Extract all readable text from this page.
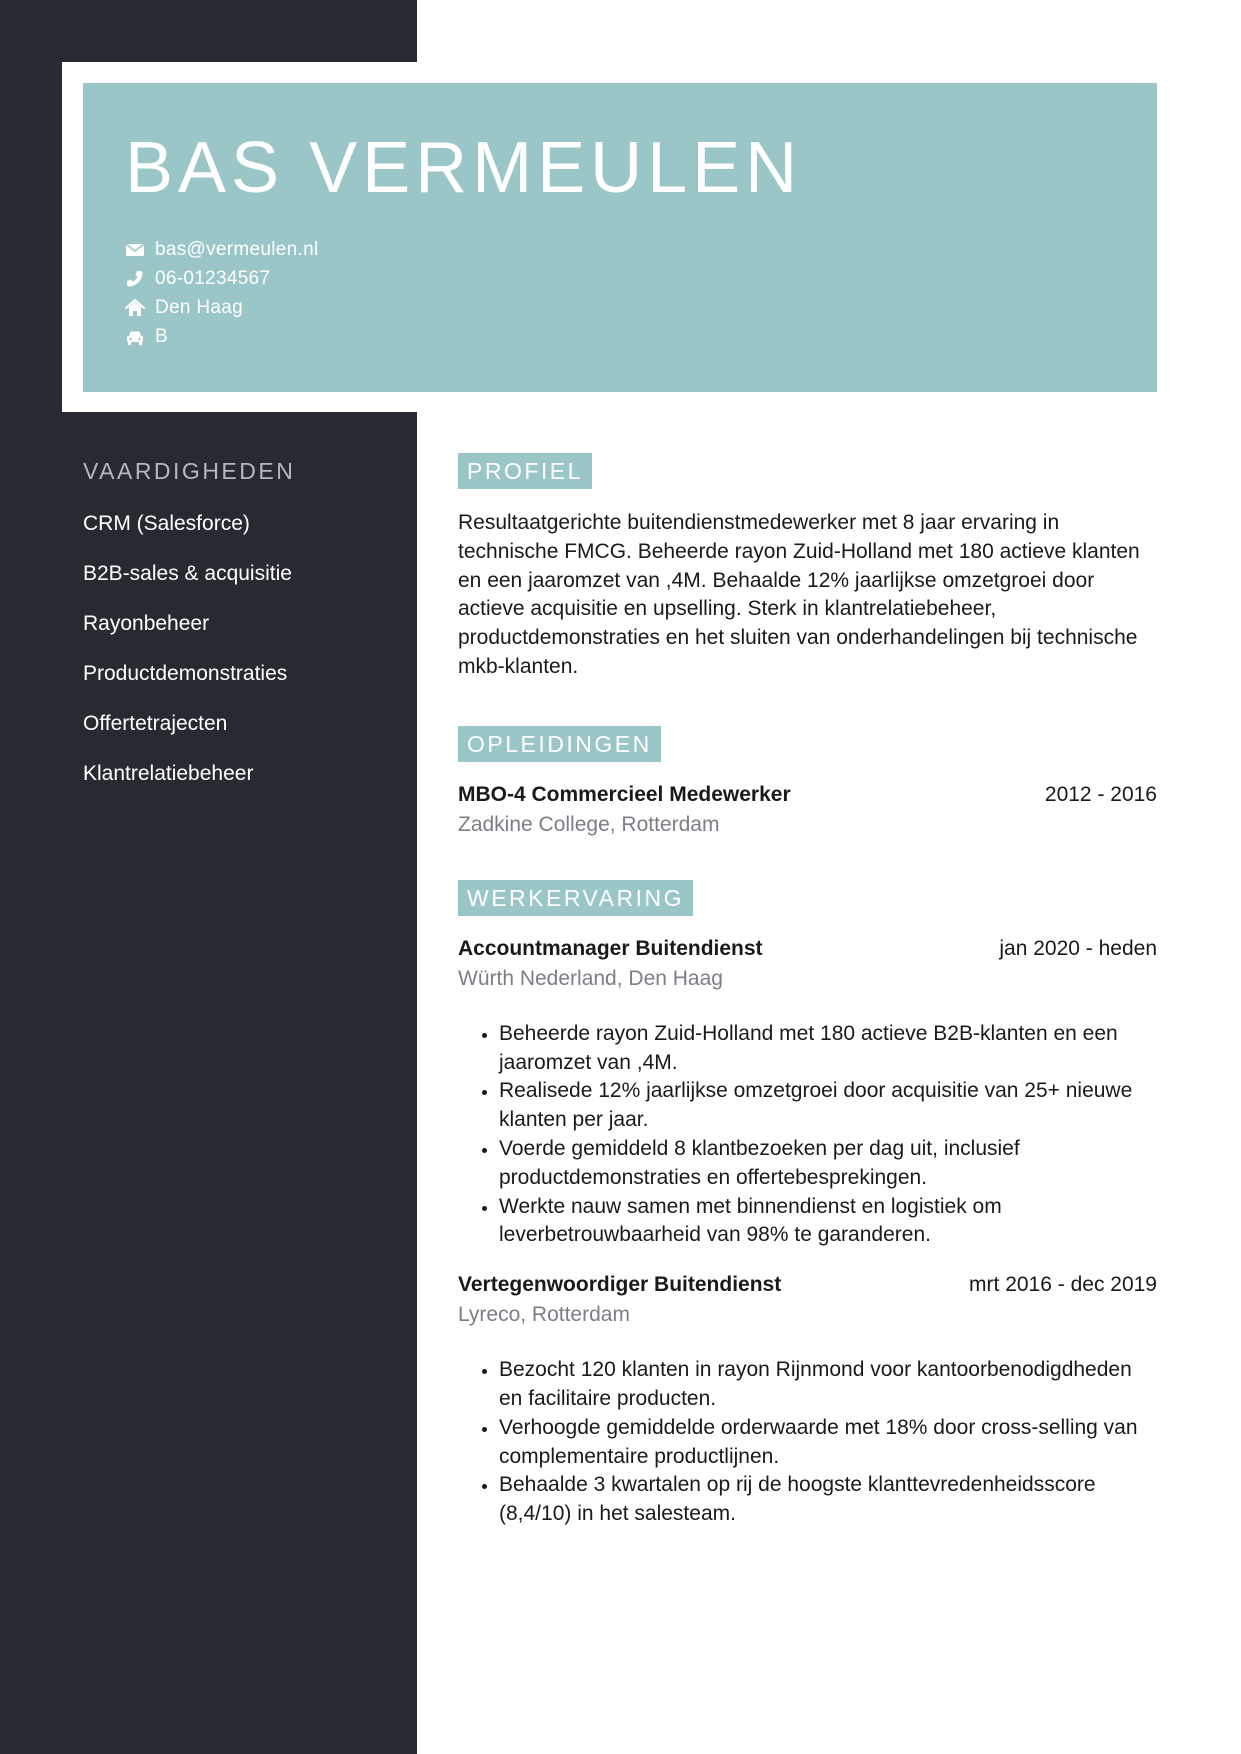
BAS VERMEULEN
bas@vermeulen.nl
06-01234567
Den Haag
B
VAARDIGHEDEN
CRM (Salesforce)
B2B-sales & acquisitie
Rayonbeheer
Productdemonstraties
Offertetrajecten
Klantrelatiebeheer
PROFIEL

Resultaatgerichte buitendienstmedewerker met 8 jaar ervaring in technische FMCG. Beheerde rayon Zuid-Holland met 180 actieve klanten en een jaaromzet van ,4M. Behaalde 12% jaarlijkse omzetgroei door actieve acquisitie en upselling. Sterk in klantrelatiebeheer, productdemonstraties en het sluiten van onderhandelingen bij technische mkb-klanten.

OPLEIDINGEN
MBO-4 Commercieel Medewerker	2012 - 2016
Zadkine College, Rotterdam
WERKERVARING
Accountmanager Buitendienst	jan 2020 - heden
Würth Nederland, Den Haag
• Beheerde rayon Zuid-Holland met 180 actieve B2B-klanten en een jaaromzet van ,4M.
• Realisede 12% jaarlijkse omzetgroei door acquisitie van 25+ nieuwe klanten per jaar.
• Voerde gemiddeld 8 klantbezoeken per dag uit, inclusief productdemonstraties en offertebesprekingen.
• Werkte nauw samen met binnendienst en logistiek om leverbetrouwbaarheid van 98% te garanderen.
Vertegenwoordiger Buitendienst	mrt 2016 - dec 2019
Lyreco, Rotterdam
• Bezocht 120 klanten in rayon Rijnmond voor kantoorbenodigdheden en facilitaire producten.
• Verhoogde gemiddelde orderwaarde met 18% door cross-selling van complementaire productlijnen.
• Behaalde 3 kwartalen op rij de hoogste klanttevredenheidsscore (8,4/10) in het salesteam.
